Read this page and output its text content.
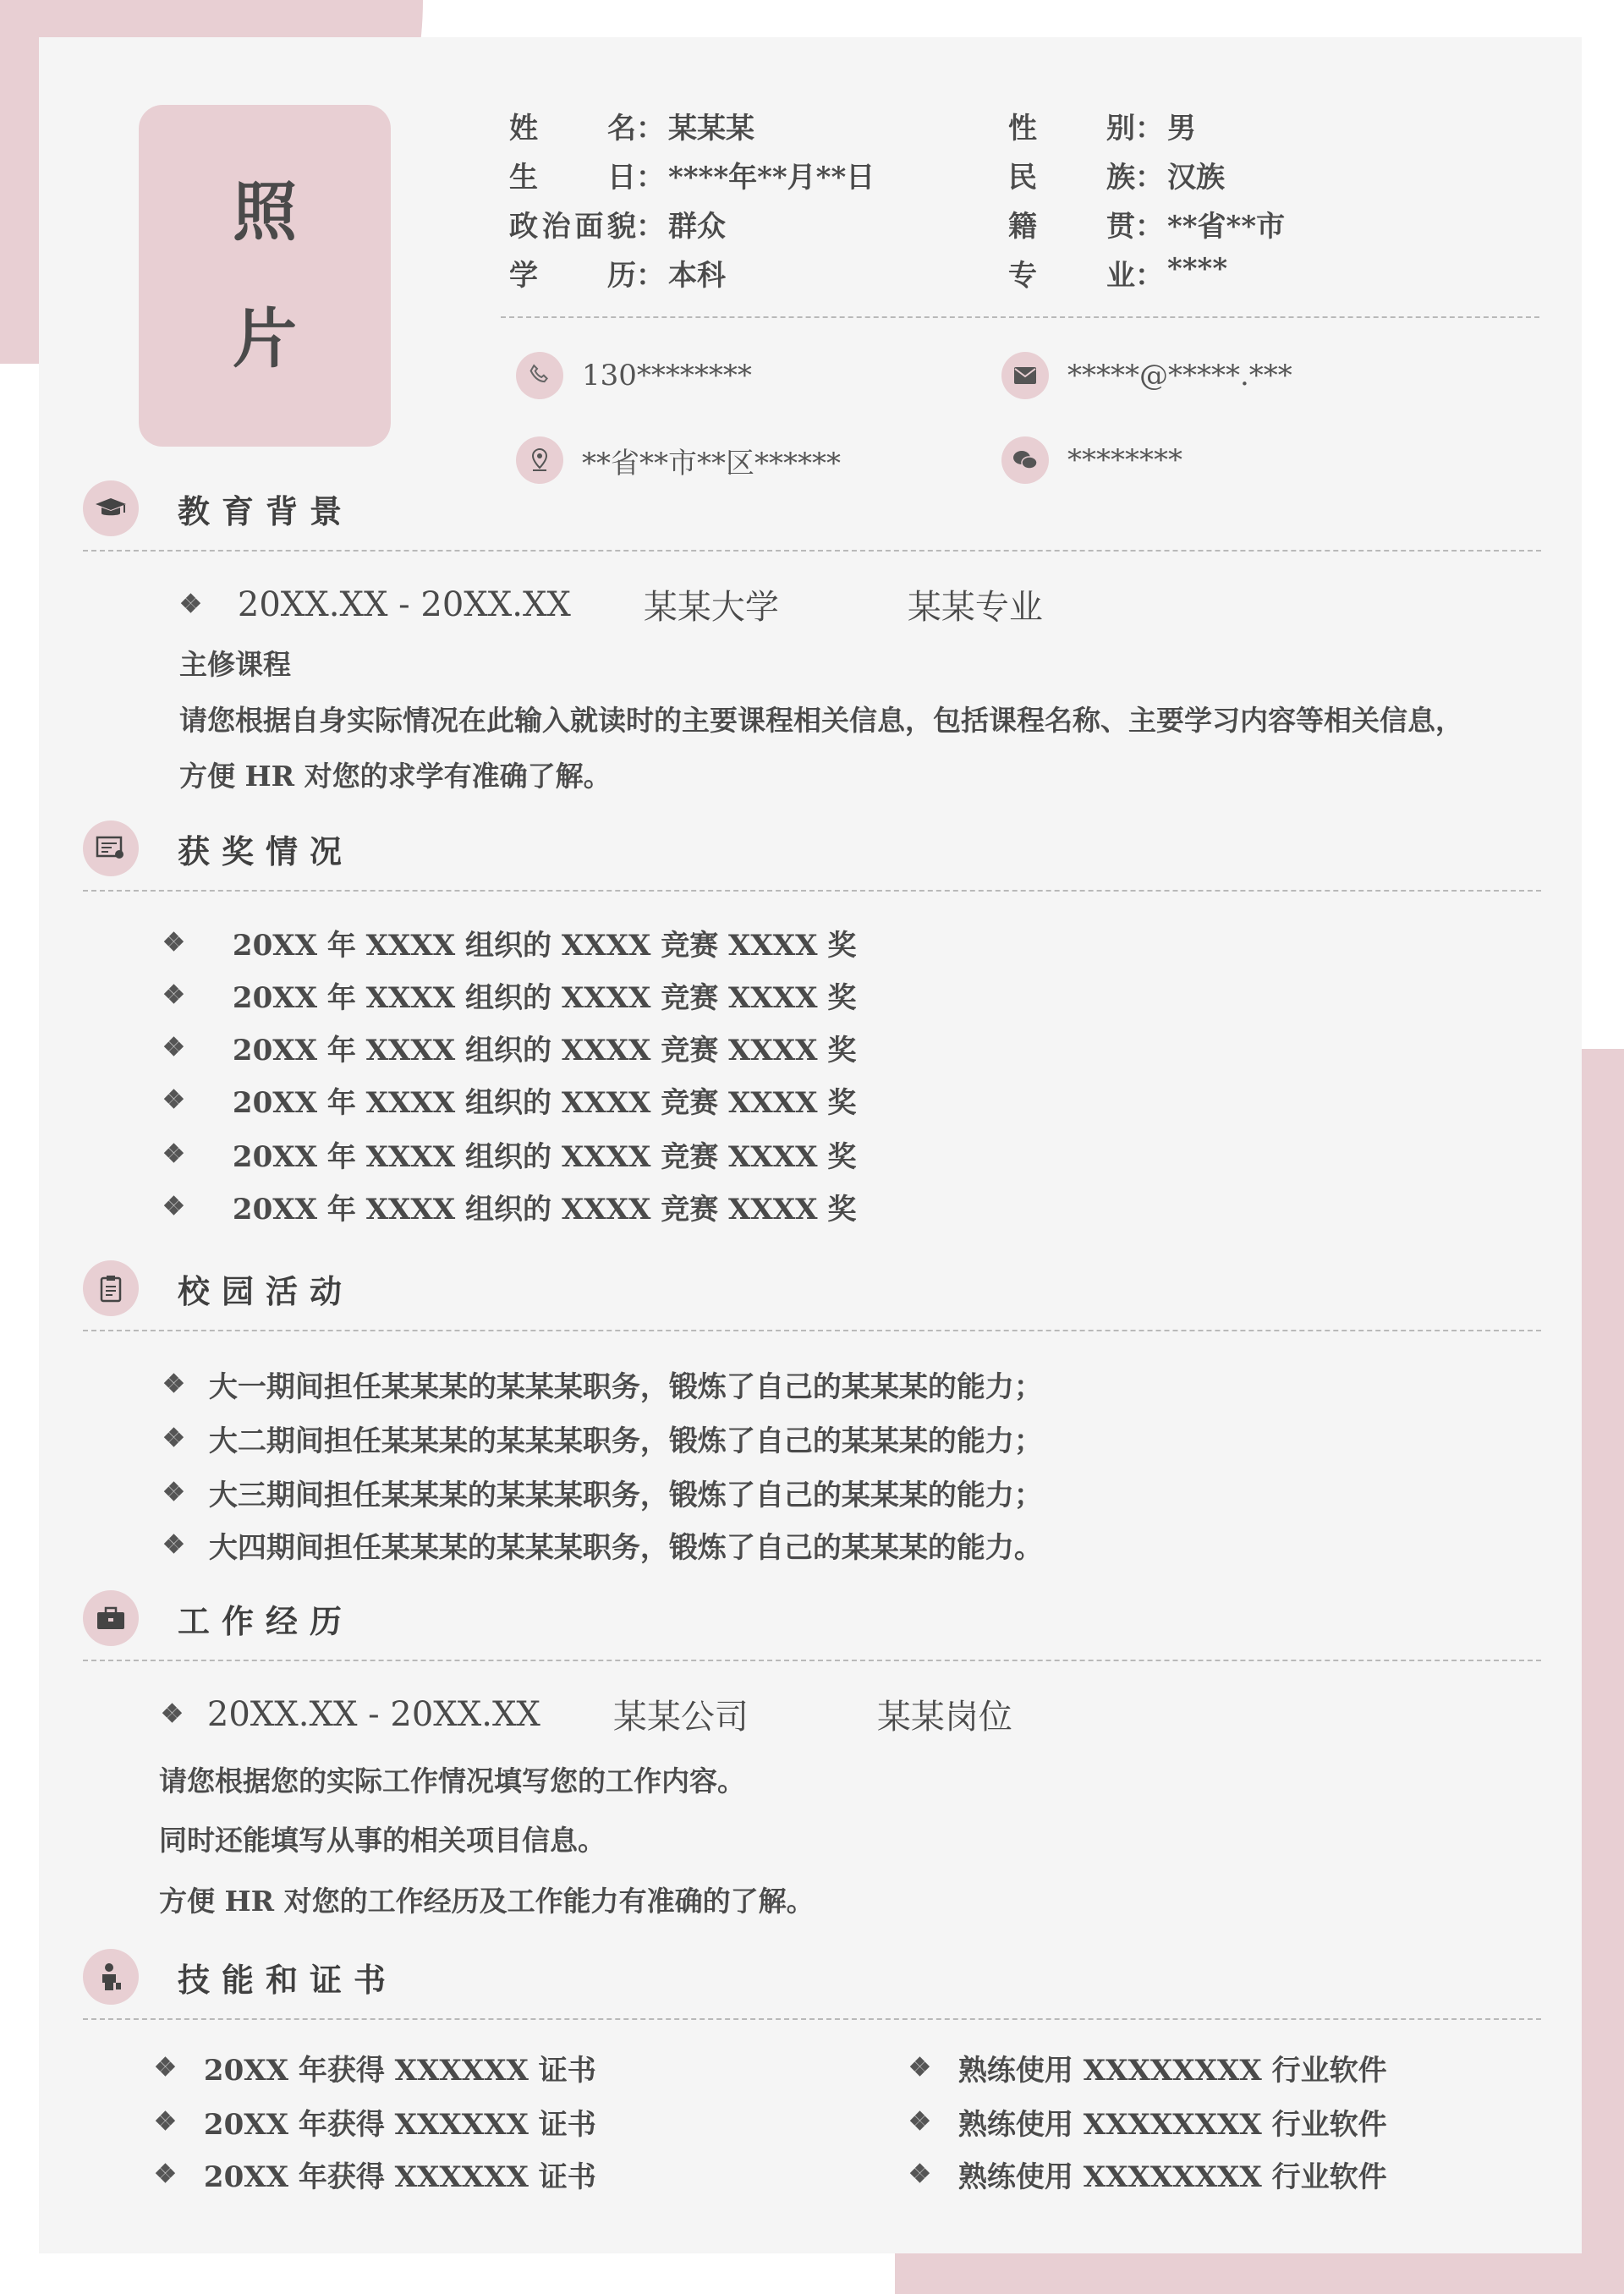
照
片
姓名 ： 某某某	性别 ： 男
生日 ： ****年**月**日	民族 ： 汉族
政治面貌 ： 群众	籍贯 ： **省**市
学历 ： 本科	专业 ： ****
130********	*****@*****.***
**省**市**区******	********
教育背景
❖ 20XX.XX - 20XX.XX	某某大学	某某专业
主修课程
请您根据自身实际情况在此输入就读时的主要课程相关信息，包括课程名称、主要学习内容等相关信息，
方便 HR 对您的求学有准确了解。
获奖情况
❖ 20XX 年 XXXX 组织的 XXXX 竞赛 XXXX 奖
❖ 20XX 年 XXXX 组织的 XXXX 竞赛 XXXX 奖
❖ 20XX 年 XXXX 组织的 XXXX 竞赛 XXXX 奖
❖ 20XX 年 XXXX 组织的 XXXX 竞赛 XXXX 奖
❖ 20XX 年 XXXX 组织的 XXXX 竞赛 XXXX 奖
❖ 20XX 年 XXXX 组织的 XXXX 竞赛 XXXX 奖
校园活动
❖ 大一期间担任某某某的某某某职务，锻炼了自己的某某某的能力；
❖ 大二期间担任某某某的某某某职务，锻炼了自己的某某某的能力；
❖ 大三期间担任某某某的某某某职务，锻炼了自己的某某某的能力；
❖ 大四期间担任某某某的某某某职务，锻炼了自己的某某某的能力。
工作经历
❖ 20XX.XX - 20XX.XX	某某公司	某某岗位
请您根据您的实际工作情况填写您的工作内容。
同时还能填写从事的相关项目信息。
方便 HR 对您的工作经历及工作能力有准确的了解。
技能和证书
❖ 20XX 年获得 XXXXXX 证书
❖ 20XX 年获得 XXXXXX 证书
❖ 20XX 年获得 XXXXXX 证书
❖ 熟练使用 XXXXXXXX 行业软件
❖ 熟练使用 XXXXXXXX 行业软件
❖ 熟练使用 XXXXXXXX 行业软件
